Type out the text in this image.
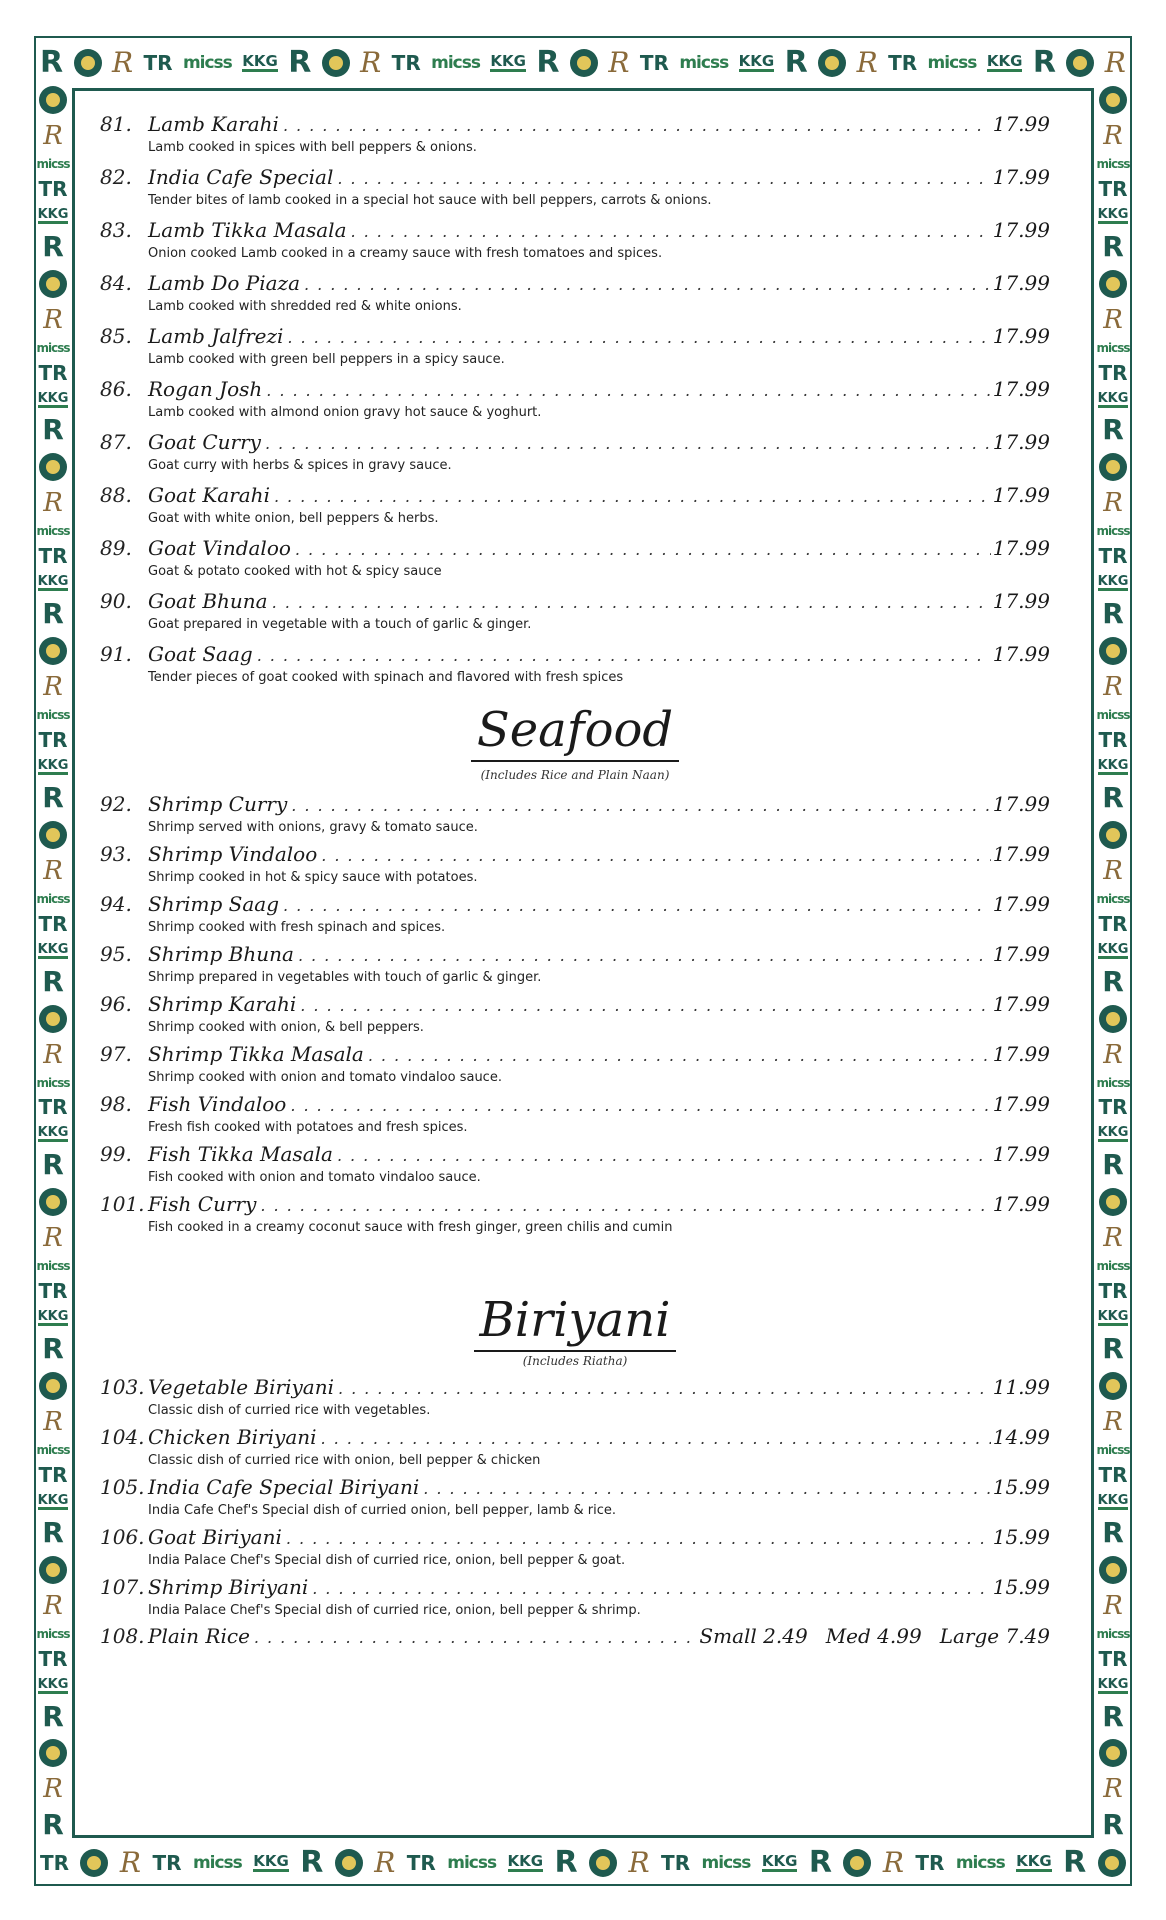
R R TR micss KKG R R TR micss KKG R R TR micss KKG R R TR micss KKG R R
TR R TR micss KKG R R TR micss KKG R R TR micss KKG R R TR micss KKG R
R
micss
TR
KKG
R
R
micss
TR
KKG
R
R
micss
TR
KKG
R
R
micss
TR
KKG
R
R
micss
TR
KKG
R
R
micss
TR
KKG
R
R
micss
TR
KKG
R
R
micss
TR
KKG
R
R
micss
TR
KKG
R
R
R
R
micss
TR
KKG
R
R
micss
TR
KKG
R
R
micss
TR
KKG
R
R
micss
TR
KKG
R
R
micss
TR
KKG
R
R
micss
TR
KKG
R
R
micss
TR
KKG
R
R
micss
TR
KKG
R
R
micss
TR
KKG
R
R
R
81. Lamb Karahi .....	17.99
Lamb cooked in spices with bell peppers & onions.
82. India Cafe Special .....	17.99
Tender bites of lamb cooked in a special hot sauce with bell peppers, carrots & onions.
83. Lamb Tikka Masala .....	17.99
Onion cooked Lamb cooked in a creamy sauce with fresh tomatoes and spices.
84. Lamb Do Piaza .....	17.99
Lamb cooked with shredded red & white onions.
85. Lamb Jalfrezi .....	17.99
Lamb cooked with green bell peppers in a spicy sauce.
86. Rogan Josh .....	17.99
Lamb cooked with almond onion gravy hot sauce & yoghurt.
87. Goat Curry .....	17.99
Goat curry with herbs & spices in gravy sauce.
88. Goat Karahi .....	17.99
Goat with white onion, bell peppers & herbs.
89. Goat Vindaloo .....	17.99
Goat & potato cooked with hot & spicy sauce
90. Goat Bhuna .....	17.99
Goat prepared in vegetable with a touch of garlic & ginger.
91. Goat Saag .....	17.99
Tender pieces of goat cooked with spinach and flavored with fresh spices
Seafood
(Includes Rice and Plain Naan)
92. Shrimp Curry .....	17.99
Shrimp served with onions, gravy & tomato sauce.
93. Shrimp Vindaloo .....	17.99
Shrimp cooked in hot & spicy sauce with potatoes.
94. Shrimp Saag .....	17.99
Shrimp cooked with fresh spinach and spices.
95. Shrimp Bhuna .....	17.99
Shrimp prepared in vegetables with touch of garlic & ginger.
96. Shrimp Karahi .....	17.99
Shrimp cooked with onion, & bell peppers.
97. Shrimp Tikka Masala .....	17.99
Shrimp cooked with onion and tomato vindaloo sauce.
98. Fish Vindaloo .....	17.99
Fresh fish cooked with potatoes and fresh spices.
99. Fish Tikka Masala .....	17.99
Fish cooked with onion and tomato vindaloo sauce.
101. Fish Curry .....	17.99
Fish cooked in a creamy coconut sauce with fresh ginger, green chilis and cumin
Biriyani
(Includes Riatha)
103. Vegetable Biriyani .....	11.99
Classic dish of curried rice with vegetables.
104. Chicken Biriyani .....	14.99
Classic dish of curried rice with onion, bell pepper & chicken
105. India Cafe Special Biriyani .....	15.99
India Cafe Chef's Special dish of curried onion, bell pepper, lamb & rice.
106. Goat Biriyani .....	15.99
India Palace Chef's Special dish of curried rice, onion, bell pepper & goat.
107. Shrimp Biriyani .....	15.99
India Palace Chef's Special dish of curried rice, onion, bell pepper & shrimp.
108. Plain Rice .....	Small 2.49 Med 4.99 Large 7.49
